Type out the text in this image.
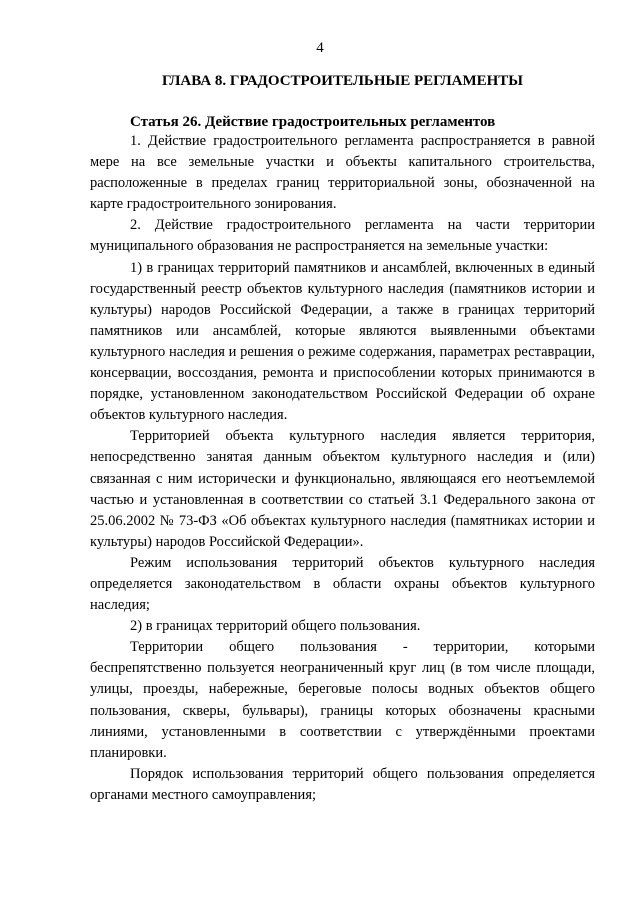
4
ГЛАВА 8. ГРАДОСТРОИТЕЛЬНЫЕ РЕГЛАМЕНТЫ
Статья 26. Действие градостроительных регламентов

1. Действие градостроительного регламента распространяется в равной мере на все земельные участки и объекты капитального строительства, расположенные в пределах границ территориальной зоны, обозначенной на карте градостроительного зонирования.

2. Действие градостроительного регламента на части территории муниципального образования не распространяется на земельные участки:

1) в границах территорий памятников и ансамблей, включенных в единый государственный реестр объектов культурного наследия (памятников истории и культуры) народов Российской Федерации, а также в границах территорий памятников или ансамблей, которые являются выявленными объектами культурного наследия и решения о режиме содержания, параметрах реставрации, консервации, воссоздания, ремонта и приспособлении которых принимаются в порядке, установленном законодательством Российской Федерации об охране объектов культурного наследия.

Территорией объекта культурного наследия является территория, непосредственно занятая данным объектом культурного наследия и (или) связанная с ним исторически и функционально, являющаяся его неотъемлемой частью и установленная в соответствии со статьей 3.1 Федерального закона от 25.06.2002 № 73-ФЗ «Об объектах культурного наследия (памятниках истории и культуры) народов Российской Федерации».

Режим использования территорий объектов культурного наследия определяется законодательством в области охраны объектов культурного наследия;

2) в границах территорий общего пользования.

Территории общего пользования - территории, которыми беспрепятственно пользуется неограниченный круг лиц (в том числе площади, улицы, проезды, набережные, береговые полосы водных объектов общего пользования, скверы, бульвары), границы которых обозначены красными линиями, установленными в соответствии с утверждёнными проектами планировки.

Порядок использования территорий общего пользования определяется органами местного самоуправления;
